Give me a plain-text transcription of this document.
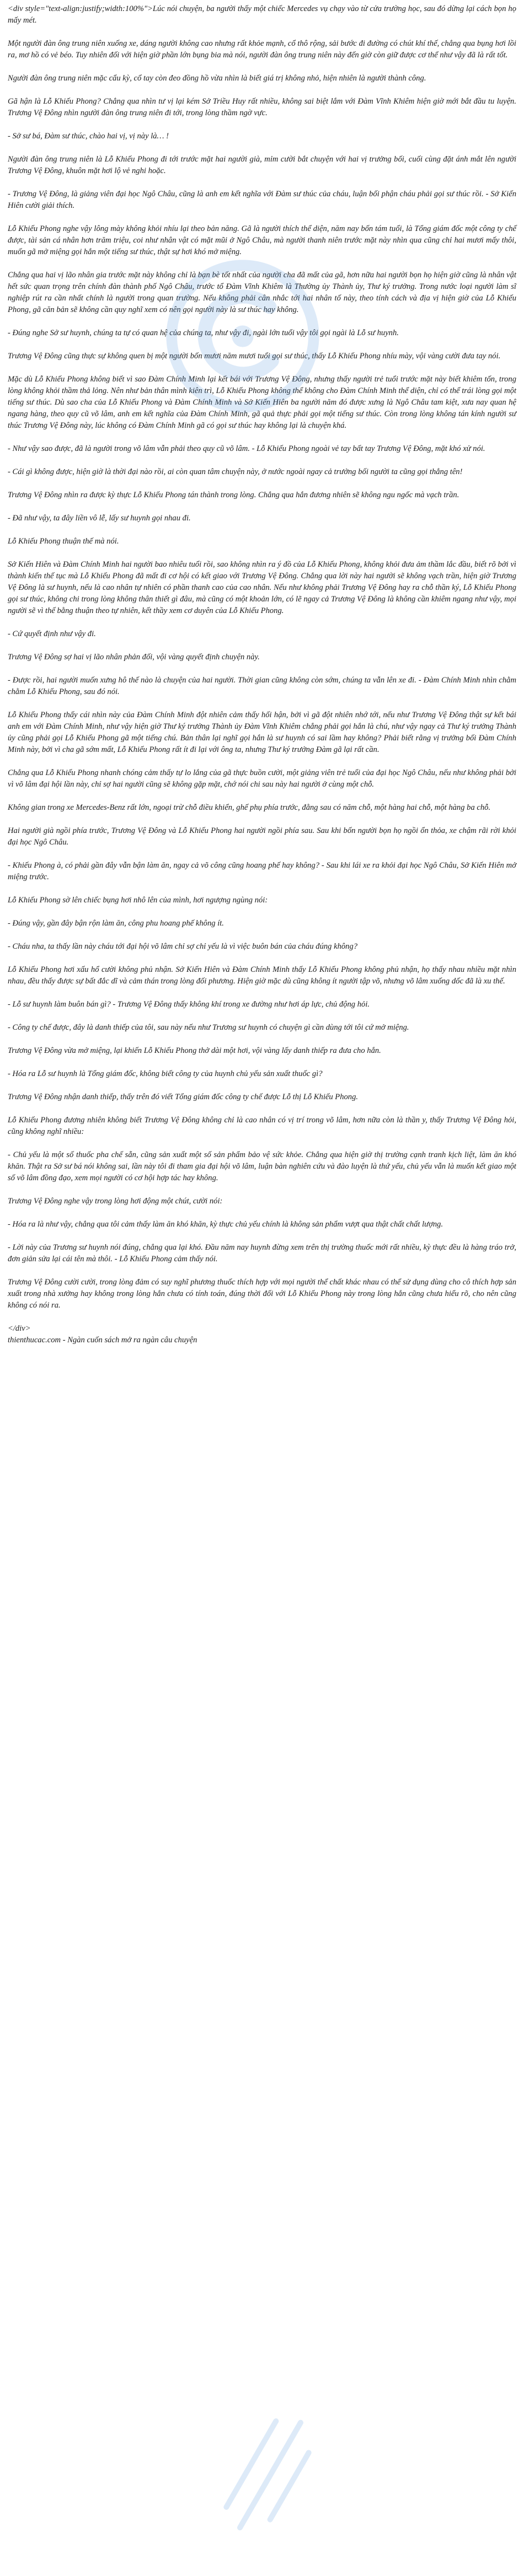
<div style="text-align:justify;width:100%">Lúc nói chuyện, ba người thấy một chiếc Mercedes vụ chạy vào từ cửa trường học, sau đó dừng lại cách bọn họ mấy mét.

Một người đàn ông trung niên xuống xe, dáng người không cao nhưng rất khỏe mạnh, cổ thô rộng, sải bước đi đường có chút khí thế, chẳng qua bụng hơi lồi ra, mơ hồ có vẻ béo. Tuy nhiên đối với hiện giờ phần lớn bụng bia mà nói, người đàn ông trung niên này đến giờ còn giữ được cơ thể như vậy đã là rất tốt.

Người đàn ông trung niên mặc cẩu kỳ, cổ tay còn đeo đồng hồ vừa nhìn là biết giá trị không nhỏ, hiện nhiên là người thành công.

Gã hận là Lỗ Khiếu Phong? Chẳng qua nhìn tư vị lại kém Sở Triều Huy rất nhiều, không sai biệt lắm với Đàm Vĩnh Khiêm hiện giờ mới bắt đầu tu luyện. Trương Vệ Đông nhìn người đàn ông trung niên đi tới, trong lòng thầm ngờ vực.

- Sở sư bá, Đàm sư thúc, chào hai vị, vị này là… !

Người đàn ông trung niên là Lỗ Khiếu Phong đi tới trước mặt hai người già, mỉm cười bắt chuyện với hai vị trưởng bối, cuối cùng đặt ánh mắt lên người Trương Vệ Đông, khuôn mặt hơi lộ vẻ nghi hoặc.

- Trương Vệ Đông, là giảng viên đại học Ngô Châu, cũng là anh em kết nghĩa với Đàm sư thúc của cháu, luận bối phận cháu phải gọi sư thúc rồi. - Sở Kiến Hiên cười giải thích.

Lỗ Khiếu Phong nghe vậy lông mày không khỏi nhíu lại theo bản năng. Gã là người thích thể diện, năm nay bốn tám tuổi, là Tổng giám đốc một công ty chế được, tài sản cá nhân hơn trăm triệu, coi như nhân vật có mặt mũi ở Ngô Châu, mà người thanh niên trước mặt này nhìn qua cũng chỉ hai mươi mấy thôi, muốn gã mở miệng gọi hắn một tiếng sư thúc, thật sự hơi khó mở miệng.

Chẳng qua hai vị lão nhân gia trước mặt này không chỉ là bạn bè tốt nhất của người cha đã mất của gã, hơn nữa hai người bọn họ hiện giờ cũng là nhân vật hết sức quan trọng trên chính đàn thành phố Ngô Châu, trước tổ Đàm Vĩnh Khiêm là Thường ủy Thành ủy, Thư ký trưởng. Trong nước loại người làm sĩ nghiệp rút ra cần nhất chính là người trong quan trường. Nếu không phải cân nhắc tới hai nhân tố này, theo tính cách và địa vị hiện giờ của Lỗ Khiếu Phong, gã căn bản sẽ không cần quy nghĩ xem có nên gọi người này là sư thúc hay không.

- Đúng nghe Sở sư huynh, chúng ta tự có quan hệ của chúng ta, như vậy đi, ngài lớn tuổi vậy tôi gọi ngài là Lỗ sư huynh.

Trương Vệ Đông cũng thực sự không quen bị một người bốn mươi năm mươi tuổi gọi sư thúc, thấy Lỗ Khiếu Phong nhíu mày, vội vàng cười đưa tay nói.

Mặc dù Lỗ Khiếu Phong không biết vì sao Đàm Chính Minh lại kết bái với Trương Vệ Đông, nhưng thấy người trẻ tuổi trước mặt này biết khiêm tốn, trong lòng không khỏi thầm thả lỏng. Nên như bản thân mình kiên trì, Lỗ Khiếu Phong không thể không cho Đàm Chính Minh thể diện, chỉ có thể trái lòng gọi một tiếng sư thúc. Dù sao cha của Lỗ Khiếu Phong và Đàm Chính Minh và Sở Kiến Hiên ba người năm đó được xưng là Ngô Châu tam kiệt, xưa nay quan hệ ngang hàng, theo quy cũ võ lâm, anh em kết nghĩa của Đàm Chính Minh, gã quả thực phải gọi một tiếng sư thúc. Còn trong lòng không tán kính người sư thúc Trương Vệ Đông này, lúc không có Đàm Chính Minh gã có gọi sư thúc hay không lại là chuyện khá.

- Như vậy sao được, đã là người trong võ lâm vẫn phải theo quy cũ võ lâm. - Lỗ Khiếu Phong ngoài vẻ tay bất tay Trương Vệ Đông, mặt khó xử nói.

- Cái gì không được, hiện giờ là thời đại nào rồi, ai còn quan tâm chuyện này, ở nước ngoài ngay cả trưởng bối người ta cũng gọi thẳng tên!

Trương Vệ Đông nhìn ra được kỳ thực Lỗ Khiếu Phong tán thành trong lòng. Chẳng qua hắn đương nhiên sẽ không ngu ngốc mà vạch trần.

- Đã như vậy, ta đây liền vô lễ, lấy sư huynh gọi nhau đi.

Lỗ Khiếu Phong thuận thế mà nói.

Sở Kiến Hiên và Đàm Chính Minh hai người bao nhiêu tuổi rồi, sao không nhìn ra ý đồ của Lỗ Khiếu Phong, không khỏi đưa ảm thầm lắc đầu, biết rõ bởi vì thành kiến thế tục mà Lỗ Khiếu Phong đã mất đi cơ hội có kết giao với Trương Vệ Đông. Chẳng qua lời này hai người sẽ không vạch trần, hiện giờ Trương Vệ Đông là sư huynh, nếu là cao nhân tự nhiên có phần thanh cao của cao nhân. Nếu như không phải Trương Vệ Đông hay ra chỗ thần ký, Lỗ Khiếu Phong gọi sư thúc, không chi trong lòng không thân thiết gì đâu, mà cũng có một khoản lớn, có lẽ ngay cả Trương Vệ Đông là không cần khiêm ngang như vậy, mọi người sẽ vì thế bằng thuận theo tự nhiên, kết thầy xem cơ duyên của Lỗ Khiếu Phong.

- Cứ quyết định như vậy đi.

Trương Vệ Đông sợ hai vị lão nhân phản đối, vội vàng quyết định chuyện này.

- Được rồi, hai người muốn xưng hô thế nào là chuyện của hai người. Thời gian cũng không còn sớm, chúng ta vẫn lên xe đi. - Đàm Chính Minh nhìn chằm chằm Lỗ Khiếu Phong, sau đó nói.

Lỗ Khiếu Phong thấy cái nhìn này của Đàm Chính Minh đột nhiên cảm thấy hối hận, bởi vì gã đột nhiên nhớ tới, nếu như Trương Vệ Đông thật sự kết bái anh em với Đàm Chính Minh, như vậy hiện giờ Thư ký trưởng Thành ủy Đàm Vĩnh Khiêm chẳng phải gọi hắn là chú, như vậy ngay cả Thư ký trưởng Thành ủy cũng phải gọi Lỗ Khiếu Phong gã một tiếng chú. Bản thân lại nghĩ gọi hắn là sư huynh có sai lầm hay không? Phải biết rằng vị trưởng bối Đàm Chính Minh này, bởi vì cha gã sớm mất, Lỗ Khiếu Phong rất ít đi lại với ông ta, nhưng Thư ký trưởng Đàm gã lại rất cần.

Chẳng qua Lỗ Khiếu Phong nhanh chóng cảm thấy tự lo lắng của gã thực buồn cười, một giảng viên trẻ tuổi của đại học Ngô Châu, nếu như không phải bởi vì võ lâm đại hội lần này, chỉ sợ hai người cũng sẽ không gặp mặt, chớ nói chi sau này hai người ở cùng một chỗ.

Không gian trong xe Mercedes-Benz rất lớn, ngoại trừ chỗ điều khiển, ghế phụ phía trước, đằng sau có năm chỗ, một hàng hai chỗ, một hàng ba chỗ.

Hai người già ngồi phía trước, Trương Vệ Đông và Lỗ Khiếu Phong hai người ngồi phía sau. Sau khi bốn người bọn họ ngồi ổn thỏa, xe chậm rãi rời khỏi đại học Ngô Châu.

- Khiếu Phong à, có phải gần đây vẫn bận làm ăn, ngay cả võ công cũng hoang phế hay không? - Sau khi lái xe ra khỏi đại học Ngô Châu, Sở Kiến Hiên mở miệng trước.

Lỗ Khiếu Phong sờ lên chiếc bụng hơi nhô lên của mình, hơi ngượng ngùng nói:

- Đúng vậy, gần đây bận rộn làm ăn, công phu hoang phế không ít.

- Cháu nha, ta thấy lần này cháu tới đại hội võ lâm chỉ sợ chỉ yếu là vì việc buôn bán của cháu đúng không?

Lỗ Khiếu Phong hơi xấu hổ cười không phủ nhận. Sở Kiến Hiên và Đàm Chính Minh thấy Lỗ Khiếu Phong không phủ nhận, họ thấy nhau nhiều mặt nhìn nhau, đều thấy được sự bất đắc dĩ và cảm thán trong lòng đối phương. Hiện giờ mặc dù cũng không ít người tập võ, nhưng võ lâm xuống dốc đã là xu thế.

- Lỗ sư huynh làm buôn bán gì? - Trương Vệ Đông thấy không khí trong xe đường như hơi áp lực, chủ động hỏi.

- Công ty chế được, đây là danh thiếp của tôi, sau này nếu như Trương sư huynh có chuyện gì cần dùng tới tôi cứ mở miệng.

Trương Vệ Đông vừa mở miệng, lại khiến Lỗ Khiếu Phong thở dài một hơi, vội vàng lấy danh thiếp ra đưa cho hắn.

- Hóa ra Lỗ sư huynh là Tổng giám đốc, không biết công ty của huynh chủ yếu sản xuất thuốc gì?

Trương Vệ Đông nhận danh thiếp, thấy trên đó viết Tổng giám đốc công ty chế được Lỗ thị Lỗ Khiếu Phong.

Lỗ Khiếu Phong đương nhiên không biết Trương Vệ Đông không chỉ là cao nhân có vị trí trong võ lâm, hơn nữa còn là thần y, thấy Trương Vệ Đông hỏi, cũng không nghĩ nhiều:

- Chủ yếu là một số thuốc pha chế sẵn, cũng sản xuất một số sản phẩm bảo vệ sức khỏe. Chẳng qua hiện giờ thị trường cạnh tranh kịch liệt, làm ăn khó khăn. Thật ra Sở sư bá nói không sai, lần này tôi đi tham gia đại hội võ lâm, luận bàn nghiên cứu và đào luyện là thứ yếu, chủ yếu vẫn là muốn kết giao một số võ lâm đồng đạo, xem mọi người có cơ hội hợp tác hay không.

Trương Vệ Đông nghe vậy trong lòng hơi động một chút, cười nói:

- Hóa ra là như vậy, chẳng qua tôi cảm thấy làm ăn khó khăn, kỳ thực chủ yếu chính là không sản phẩm vượt qua thật chất chất lượng.

- Lời này của Trương sư huynh nói đúng, chẳng qua lại khó. Đầu năm nay huynh đừng xem trên thị trường thuốc mới rất nhiều, kỳ thực đều là hàng tráo trở, đơn giản sửa lại cái tên mà thôi. - Lỗ Khiếu Phong cảm thấy nói.

Trương Vệ Đông cười cười, trong lòng đảm có suy nghĩ phương thuốc thích hợp với mọi người thể chất khác nhau có thể sử dụng dùng cho cô thích hợp sản xuất trong nhà xưởng hay không trong lòng hắn chưa có tính toán, đúng thời đối với Lỗ Khiếu Phong này trong lòng hắn cũng chưa hiểu rõ, cho nên cũng không có nói ra.

</div>

thienthucac.com - Ngàn cuốn sách mở ra ngàn câu chuyện
